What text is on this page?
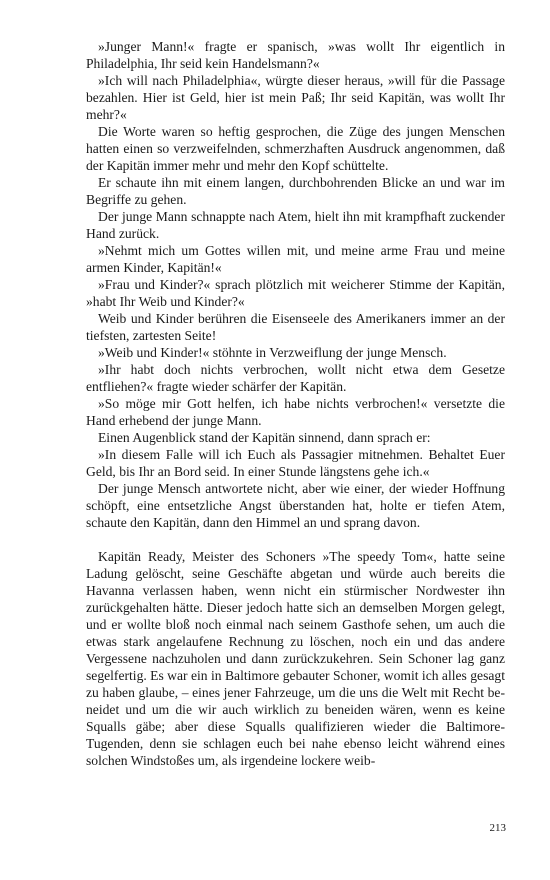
»Junger Mann!« fragte er spanisch, »was wollt Ihr eigentlich in Philadelphia, Ihr seid kein Handelsmann?«

»Ich will nach Philadelphia«, würgte dieser heraus, »will für die Passage bezahlen. Hier ist Geld, hier ist mein Paß; Ihr seid Kapitän, was wollt Ihr mehr?«

Die Worte waren so heftig gesprochen, die Züge des jungen Menschen hatten einen so verzweifelnden, schmerzhaften Ausdruck angenommen, daß der Kapitän immer mehr und mehr den Kopf schüttelte.

Er schaute ihn mit einem langen, durchbohrenden Blicke an und war im Begriffe zu gehen.

Der junge Mann schnappte nach Atem, hielt ihn mit krampfhaft zuckender Hand zurück.

»Nehmt mich um Gottes willen mit, und meine arme Frau und meine armen Kinder, Kapitän!«

»Frau und Kinder?« sprach plötzlich mit weicherer Stimme der Kapitän, »habt Ihr Weib und Kinder?«

Weib und Kinder berühren die Eisenseele des Amerikaners immer an der tiefsten, zartesten Seite!

»Weib und Kinder!« stöhnte in Verzweiflung der junge Mensch.

»Ihr habt doch nichts verbrochen, wollt nicht etwa dem Gesetze entfliehen?« fragte wieder schärfer der Kapitän.

»So möge mir Gott helfen, ich habe nichts verbrochen!« versetzte die Hand erhebend der junge Mann.

Einen Augenblick stand der Kapitän sinnend, dann sprach er:

»In diesem Falle will ich Euch als Passagier mitnehmen. Behaltet Euer Geld, bis Ihr an Bord seid. In einer Stunde längstens gehe ich.«

Der junge Mensch antwortete nicht, aber wie einer, der wieder Hoffnung schöpft, eine entsetzliche Angst überstanden hat, holte er tiefen Atem, schaute den Kapitän, dann den Himmel an und sprang davon.

Kapitän Ready, Meister des Schoners »The speedy Tom«, hatte seine Ladung gelöscht, seine Geschäfte abgetan und würde auch bereits die Havanna verlassen haben, wenn nicht ein stürmischer Nordwester ihn zurückgehalten hätte. Dieser jedoch hatte sich an demselben Morgen gelegt, und er wollte bloß noch einmal nach seinem Gasthofe sehen, um auch die etwas stark angelaufene Rechnung zu löschen, noch ein und das andere Vergessene nachzuholen und dann zurückzukehren. Sein Schoner lag ganz segelfertig. Es war ein in Baltimore gebauter Schoner, womit ich alles gesagt zu haben glaube, – eines jener Fahrzeuge, um die uns die Welt mit Recht beneidet und um die wir auch wirklich zu beneiden wären, wenn es keine Squalls gäbe; aber diese Squalls qualifizieren wieder die Baltimore-Tugenden, denn sie schlagen euch bei nahe ebenso leicht während eines solchen Windstoßes um, als irgendeine lockere weib-

213
